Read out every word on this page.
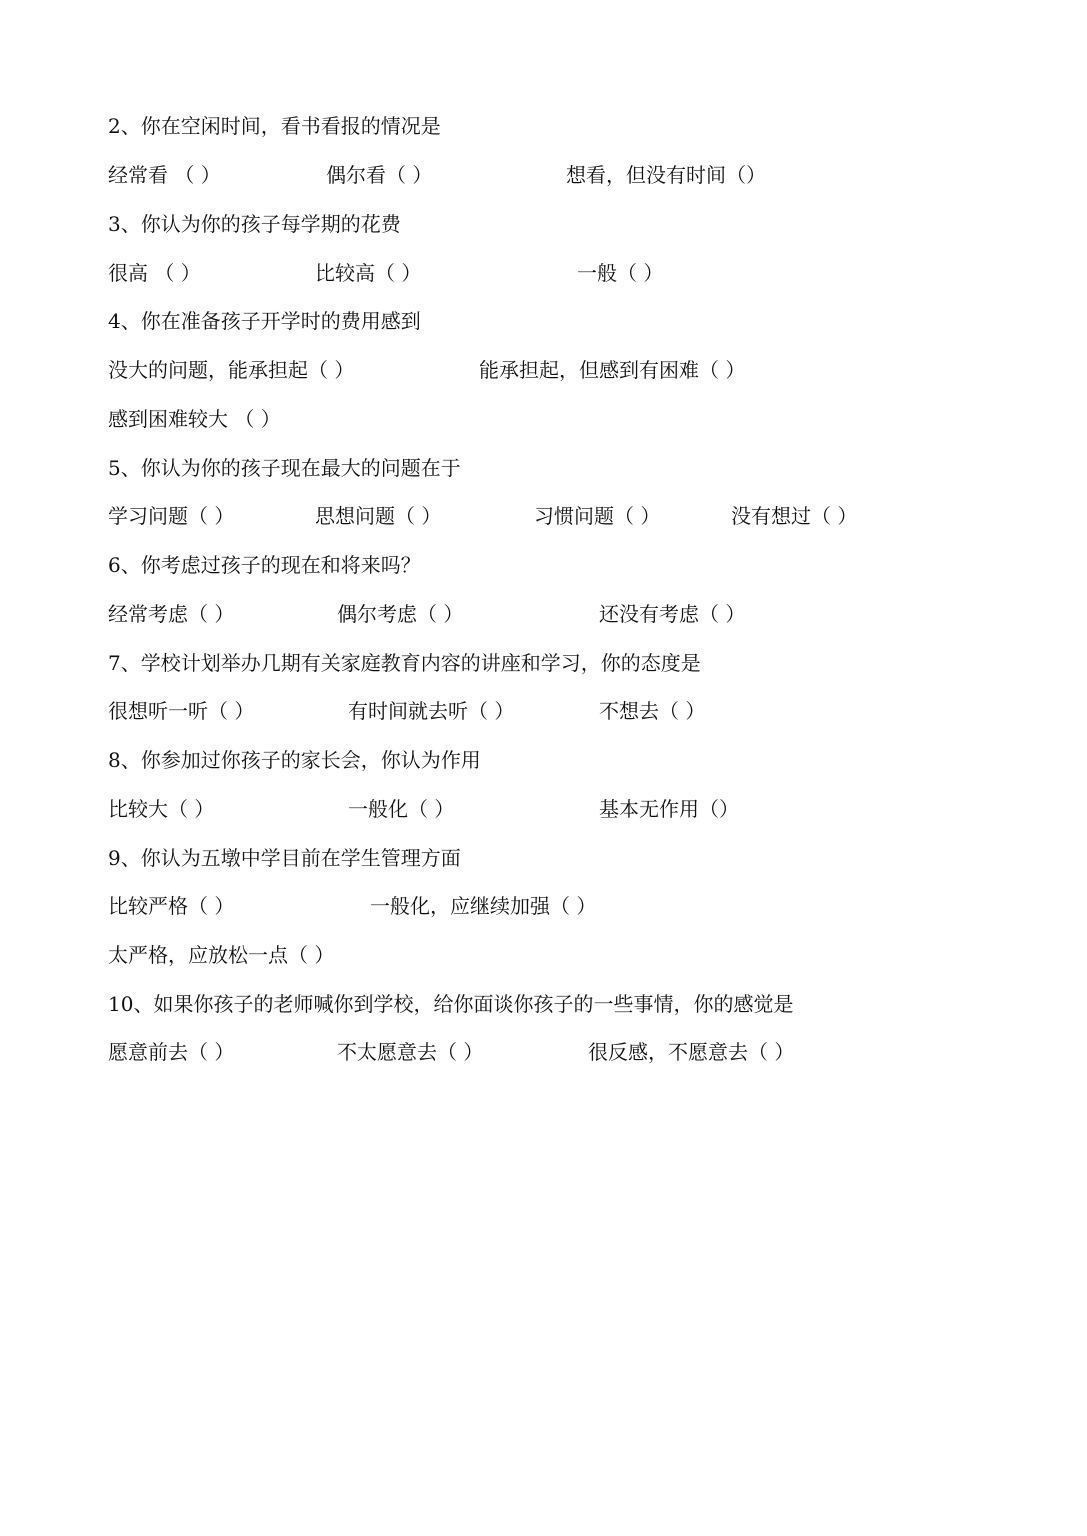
2、你在空闲时间，看书看报的情况是
经常看 （ ）	偶尔看（ ）	想看，但没有时间（）
3、你认为你的孩子每学期的花费
很高 （ ）	比较高（ ）	一般（ ）
4、你在准备孩子开学时的费用感到
没大的问题，能承担起（ ）	能承担起，但感到有困难（ ）
感到困难较大 （ ）
5、你认为你的孩子现在最大的问题在于
学习问题（ ）	思想问题（ ）	习惯问题（ ）	没有想过（ ）
6、你考虑过孩子的现在和将来吗？
经常考虑（ ）	偶尔考虑（ ）	还没有考虑（ ）
7、学校计划举办几期有关家庭教育内容的讲座和学习，你的态度是
很想听一听（ ）	有时间就去听（ ）	不想去（ ）
8、你参加过你孩子的家长会，你认为作用
比较大（ ）	一般化（ ）	基本无作用（）
9、你认为五墩中学目前在学生管理方面
比较严格（ ）	一般化，应继续加强（ ）
太严格，应放松一点（ ）
10、如果你孩子的老师喊你到学校，给你面谈你孩子的一些事情，你的感觉是
愿意前去（ ）	不太愿意去（ ）	很反感，不愿意去（ ）
